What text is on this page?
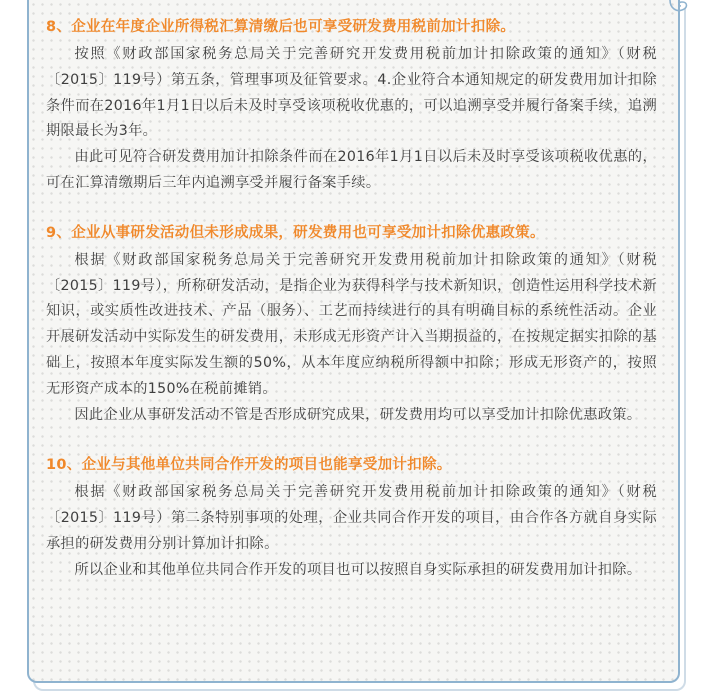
8、企业在年度企业所得税汇算清缴后也可享受研发费用税前加计扣除。

按照《财政部国家税务总局关于完善研究开发费用税前加计扣除政策的通知》（财税〔2015〕119号）第五条，管理事项及征管要求。4.企业符合本通知规定的研发费用加计扣除条件而在2016年1月1日以后未及时享受该项税收优惠的，可以追溯享受并履行备案手续，追溯期限最长为3年。

由此可见符合研发费用加计扣除条件而在2016年1月1日以后未及时享受该项税收优惠的，可在汇算清缴期后三年内追溯享受并履行备案手续。

9、企业从事研发活动但未形成成果，研发费用也可享受加计扣除优惠政策。

根据《财政部国家税务总局关于完善研究开发费用税前加计扣除政策的通知》（财税〔2015〕119号），所称研发活动，是指企业为获得科学与技术新知识，创造性运用科学技术新知识，或实质性改进技术、产品（服务）、工艺而持续进行的具有明确目标的系统性活动。企业开展研发活动中实际发生的研发费用，未形成无形资产计入当期损益的，在按规定据实扣除的基础上，按照本年度实际发生额的50%，从本年度应纳税所得额中扣除；形成无形资产的，按照无形资产成本的150%在税前摊销。

因此企业从事研发活动不管是否形成研究成果，研发费用均可以享受加计扣除优惠政策。

10、企业与其他单位共同合作开发的项目也能享受加计扣除。

根据《财政部国家税务总局关于完善研究开发费用税前加计扣除政策的通知》（财税〔2015〕119号）第二条特别事项的处理，企业共同合作开发的项目，由合作各方就自身实际承担的研发费用分别计算加计扣除。

所以企业和其他单位共同合作开发的项目也可以按照自身实际承担的研发费用加计扣除。
